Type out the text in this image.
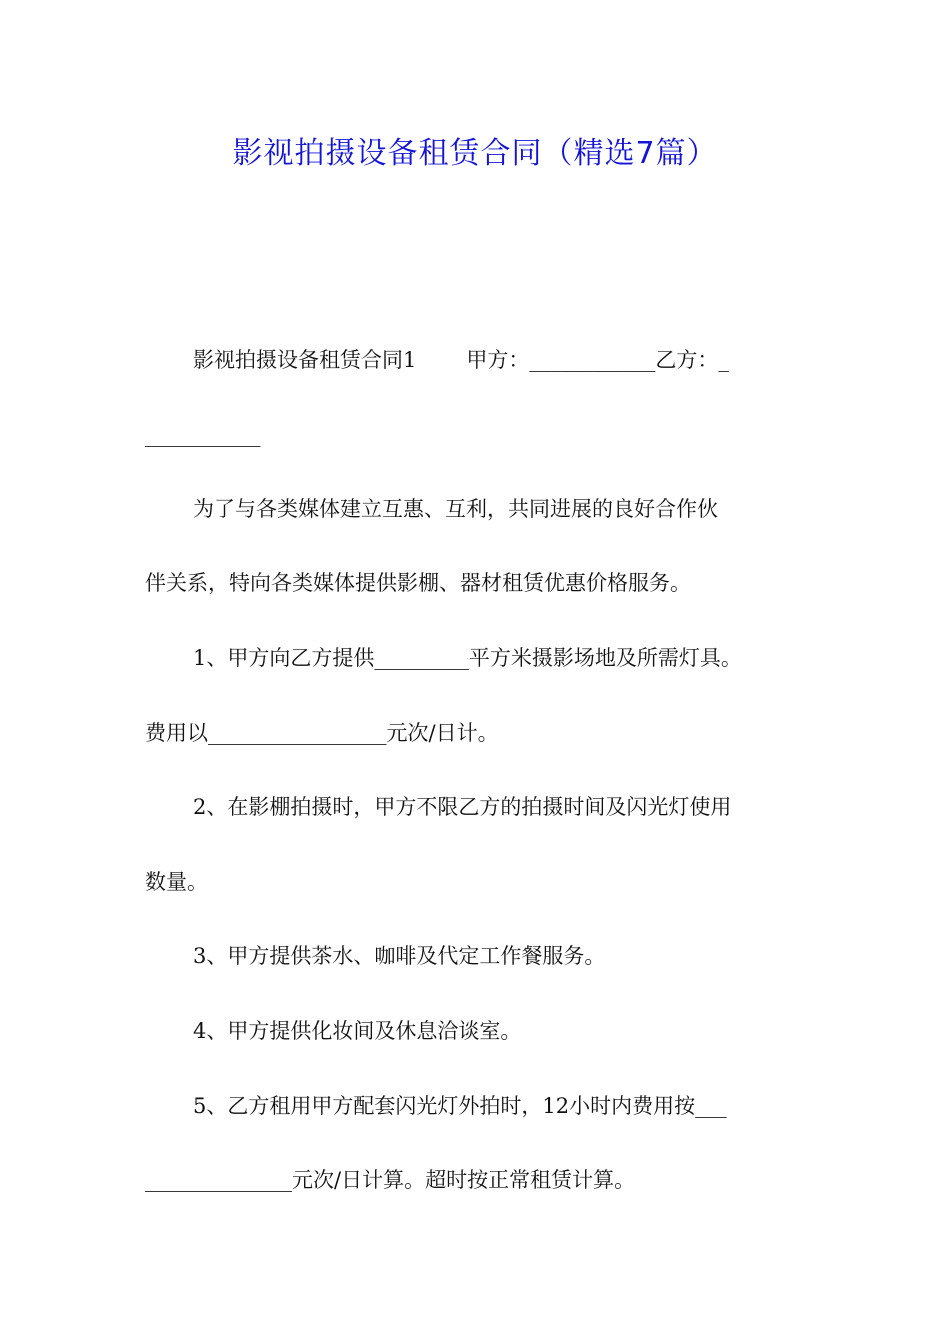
影视拍摄设备租赁合同（精选7篇）
影视拍摄设备租赁合同1 甲方：____________乙方：_
___________
为了与各类媒体建立互惠、互利，共同进展的良好合作伙
伴关系，特向各类媒体提供影棚、器材租赁优惠价格服务。
1、甲方向乙方提供_________平方米摄影场地及所需灯具。
费用以_________________元次/日计。
2、在影棚拍摄时，甲方不限乙方的拍摄时间及闪光灯使用
数量。
3、甲方提供茶水、咖啡及代定工作餐服务。
4、甲方提供化妆间及休息洽谈室。
5、乙方租用甲方配套闪光灯外拍时，12小时内费用按___
______________元次/日计算。超时按正常租赁计算。
